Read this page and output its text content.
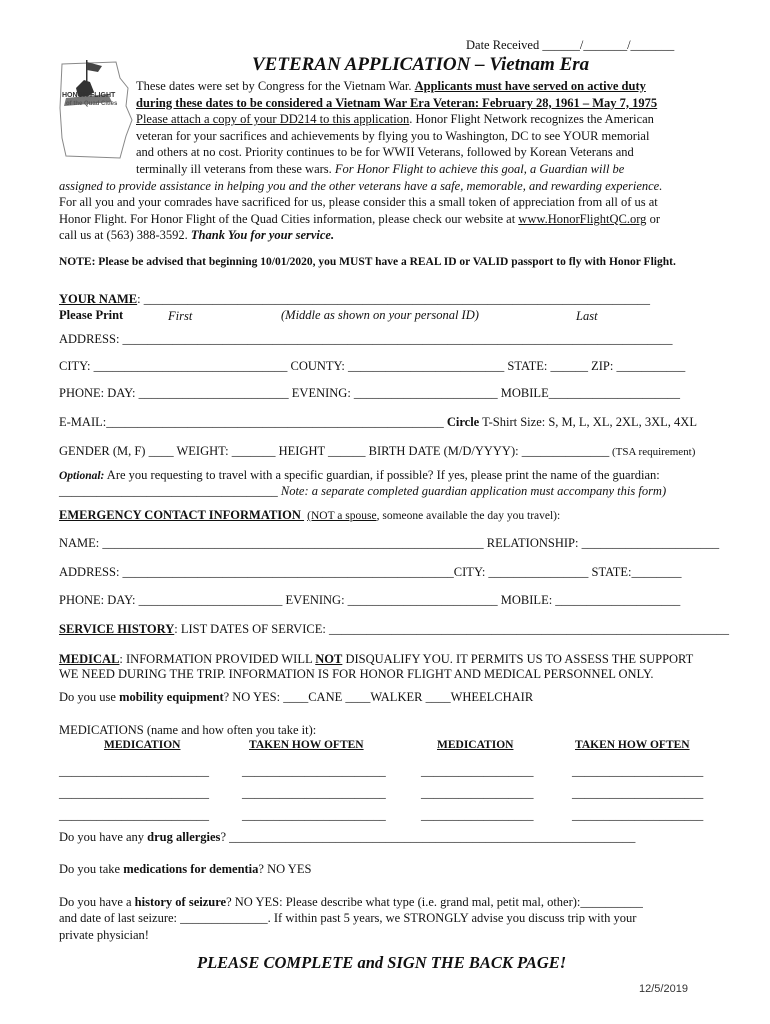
Date Received ______/_______/_______
VETERAN APPLICATION – Vietnam Era
HONOR FLIGHT
of the Quad Cities
These dates were set by Congress for the Vietnam War. Applicants must have served on active duty
during these dates to be considered a Vietnam War Era Veteran: February 28, 1961 – May 7, 1975
Please attach a copy of your DD214 to this application. Honor Flight Network recognizes the American
veteran for your sacrifices and achievements by flying you to Washington, DC to see YOUR memorial
and others at no cost. Priority continues to be for WWII Veterans, followed by Korean Veterans and
terminally ill veterans from these wars. For Honor Flight to achieve this goal, a Guardian will be
assigned to provide assistance in helping you and the other veterans have a safe, memorable, and rewarding experience.
For all you and your comrades have sacrificed for us, please consider this a small token of appreciation from all of us at
Honor Flight. For Honor Flight of the Quad Cities information, please check our website at www.HonorFlightQC.org or
call us at (563) 388-3592. Thank You for your service.
NOTE: Please be advised that beginning 10/01/2020, you MUST have a REAL ID or VALID passport to fly with Honor Flight.
YOUR NAME: _________________________________________________________________________________
Please Print	First	(Middle as shown on your personal ID)	Last
ADDRESS: ________________________________________________________________________________________
CITY: _______________________________ COUNTY: _________________________ STATE: ______ ZIP: ___________
PHONE: DAY: ________________________ EVENING: _______________________ MOBILE_____________________
E-MAIL:______________________________________________________ Circle T-Shirt Size: S, M, L, XL, 2XL, 3XL, 4XL
GENDER (M, F) ____ WEIGHT: _______ HEIGHT ______ BIRTH DATE (M/D/YYYY): ______________ (TSA requirement)
Optional: Are you requesting to travel with a specific guardian, if possible? If yes, please print the name of the guardian:
___________________________________ Note: a separate completed guardian application must accompany this form)
EMERGENCY CONTACT INFORMATION  (NOT a spouse, someone available the day you travel):
NAME: _____________________________________________________________ RELATIONSHIP: ______________________
ADDRESS: _____________________________________________________CITY: ________________ STATE:________
PHONE: DAY: _______________________ EVENING: ________________________ MOBILE: ____________________
SERVICE HISTORY: LIST DATES OF SERVICE: ________________________________________________________________
MEDICAL: INFORMATION PROVIDED WILL NOT DISQUALIFY YOU. IT PERMITS US TO ASSESS THE SUPPORT
WE NEED DURING THE TRIP. INFORMATION IS FOR HONOR FLIGHT AND MEDICAL PERSONNEL ONLY.
Do you use mobility equipment? NO YES: ____CANE ____WALKER ____WHEELCHAIR
MEDICATIONS (name and how often you take it):
MEDICATION	TAKEN HOW OFTEN	MEDICATION	TAKEN HOW OFTEN
________________________	_______________________	__________________	_____________________
________________________	_______________________	__________________	_____________________
________________________	_______________________	__________________	_____________________
Do you have any drug allergies? _________________________________________________________________
Do you take medications for dementia? NO YES
Do you have a history of seizure? NO YES: Please describe what type (i.e. grand mal, petit mal, other):__________
and date of last seizure: ______________. If within past 5 years, we STRONGLY advise you discuss trip with your
private physician!
PLEASE COMPLETE and SIGN THE BACK PAGE!
12/5/2019
